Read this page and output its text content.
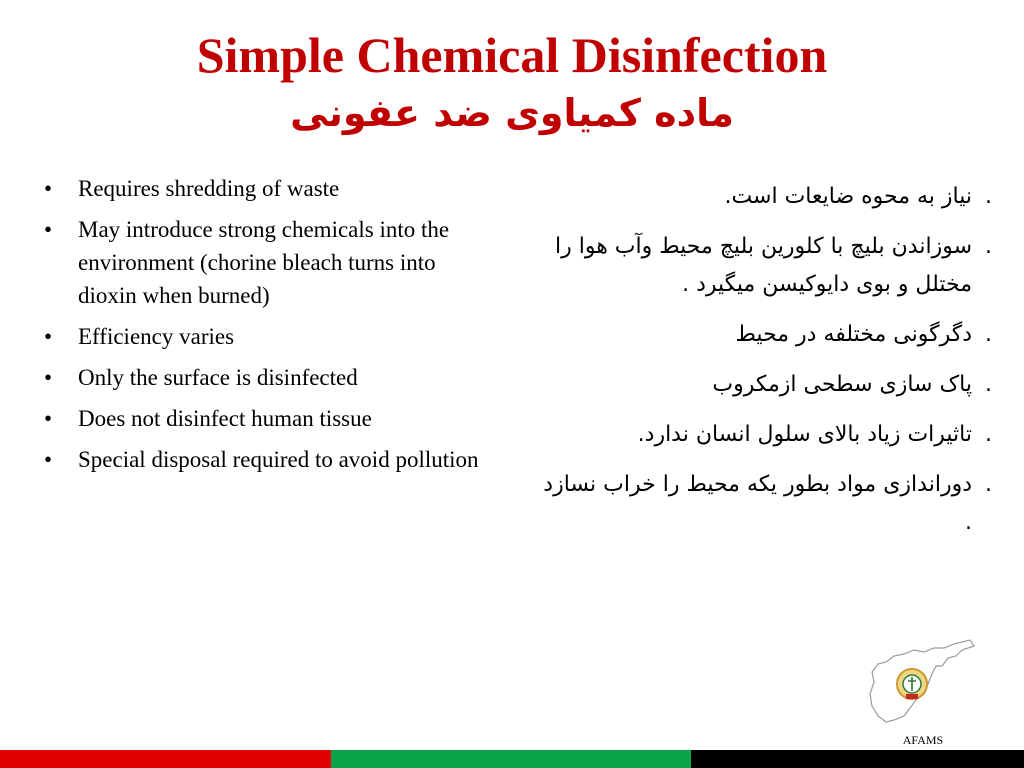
Simple Chemical Disinfection
ماده کمیاوی ضد عفونی
• Requires shredding of waste
• May introduce strong chemicals into the environment (chorine bleach turns into dioxin when burned)
• Efficiency varies
• Only the surface is disinfected
• Does not disinfect human tissue
• Special disposal required to avoid pollution
. نیاز به محوه ضایعات است.
. سوزاندن بلیچ با کلورین بلیچ محیط وآب هوا را مختلل و بوی دایوکیسن میگیرد .
. دگرگونی مختلفه در محیط
. پاک سازی سطحی ازمکروب
. تاثیرات زیاد بالای سلول انسان ندارد.
. دوراندازی مواد بطور یکه محیط را خراب نسازد .
AFAMS
